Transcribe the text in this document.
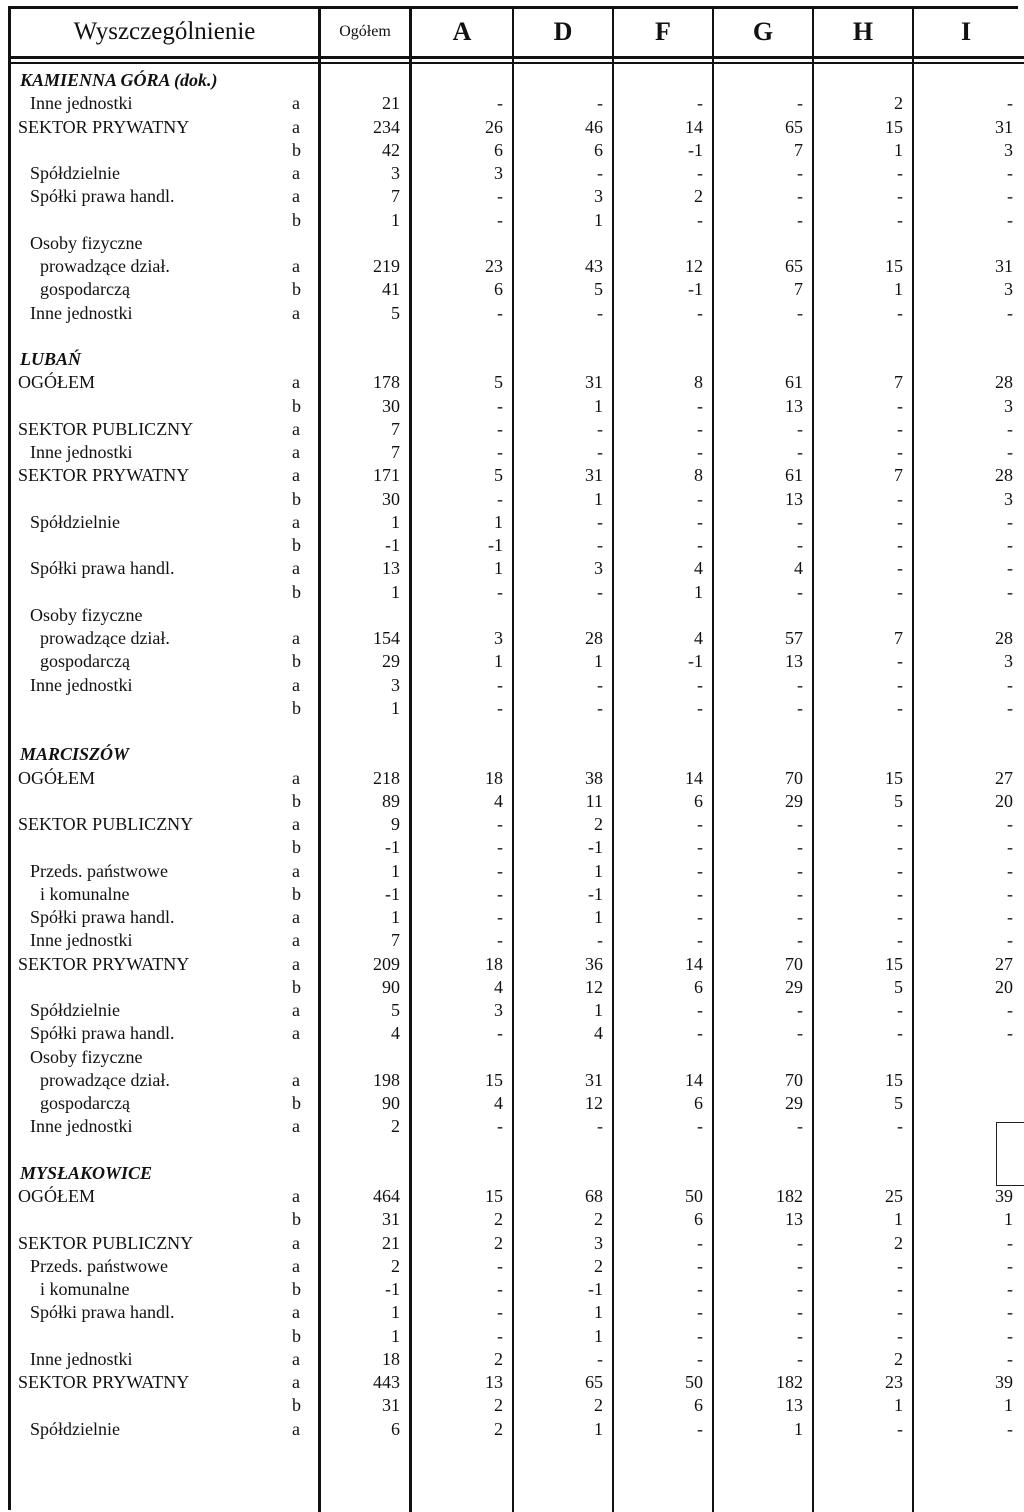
Wyszczególnienie	Ogółem A	D	F	G	H	I
KAMIENNA GÓRA (dok.)
Inne jednostki	a	21	-	-	-	-	2	-
SEKTOR PRYWATNY	a	234	26	46	14	65	15	31
b	42	6	6	-1	7	1	3
Spółdzielnie	a	3	3	-	-	-	-	-
Spółki prawa handl.	a	7	-	3	2	-	-	-
b	1	-	1	-	-	-	-
Osoby fizyczne
prowadzące dział.	a	219	23	43	12	65	15	31
gospodarczą	b	41	6	5	-1	7	1	3
Inne jednostki	a	5	-	-	-	-	-	-
LUBAŃ
OGÓŁEM	a	178	5	31	8	61	7	28
b	30	-	1	-	13	-	3
SEKTOR PUBLICZNY	a	7	-	-	-	-	-	-
Inne jednostki	a	7	-	-	-	-	-	-
SEKTOR PRYWATNY	a	171	5	31	8	61	7	28
b	30	-	1	-	13	-	3
Spółdzielnie	a	1	1	-	-	-	-	-
b	-1	-1	-	-	-	-	-
Spółki prawa handl.	a	13	1	3	4	4	-	-
b	1	-	-	1	-	-	-
Osoby fizyczne
prowadzące dział.	a	154	3	28	4	57	7	28
gospodarczą	b	29	1	1	-1	13	-	3
Inne jednostki	a	3	-	-	-	-	-	-
b	1	-	-	-	-	-	-
MARCISZÓW
OGÓŁEM	a	218	18	38	14	70	15	27
b	89	4	11	6	29	5	20
SEKTOR PUBLICZNY	a	9	-	2	-	-	-	-
b	-1	-	-1	-	-	-	-
Przeds. państwowe	a	1	-	1	-	-	-	-
i komunalne	b	-1	-	-1	-	-	-	-
Spółki prawa handl.	a	1	-	1	-	-	-	-
Inne jednostki	a	7	-	-	-	-	-	-
SEKTOR PRYWATNY	a	209	18	36	14	70	15	27
b	90	4	12	6	29	5	20
Spółdzielnie	a	5	3	1	-	-	-	-
Spółki prawa handl.	a	4	-	4	-	-	-	-
Osoby fizyczne
prowadzące dział.	a	198	15	31	14	70	15
gospodarczą	b	90	4	12	6	29	5
Inne jednostki	a	2	-	-	-	-	-
MYSŁAKOWICE
OGÓŁEM	a	464	15	68	50	182	25	39
b	31	2	2	6	13	1	1
SEKTOR PUBLICZNY	a	21	2	3	-	-	2	-
Przeds. państwowe	a	2	-	2	-	-	-	-
i komunalne	b	-1	-	-1	-	-	-	-
Spółki prawa handl.	a	1	-	1	-	-	-	-
b	1	-	1	-	-	-	-
Inne jednostki	a	18	2	-	-	-	2	-
SEKTOR PRYWATNY	a	443	13	65	50	182	23	39
b	31	2	2	6	13	1	1
Spółdzielnie	a	6	2	1	-	1	-	-
